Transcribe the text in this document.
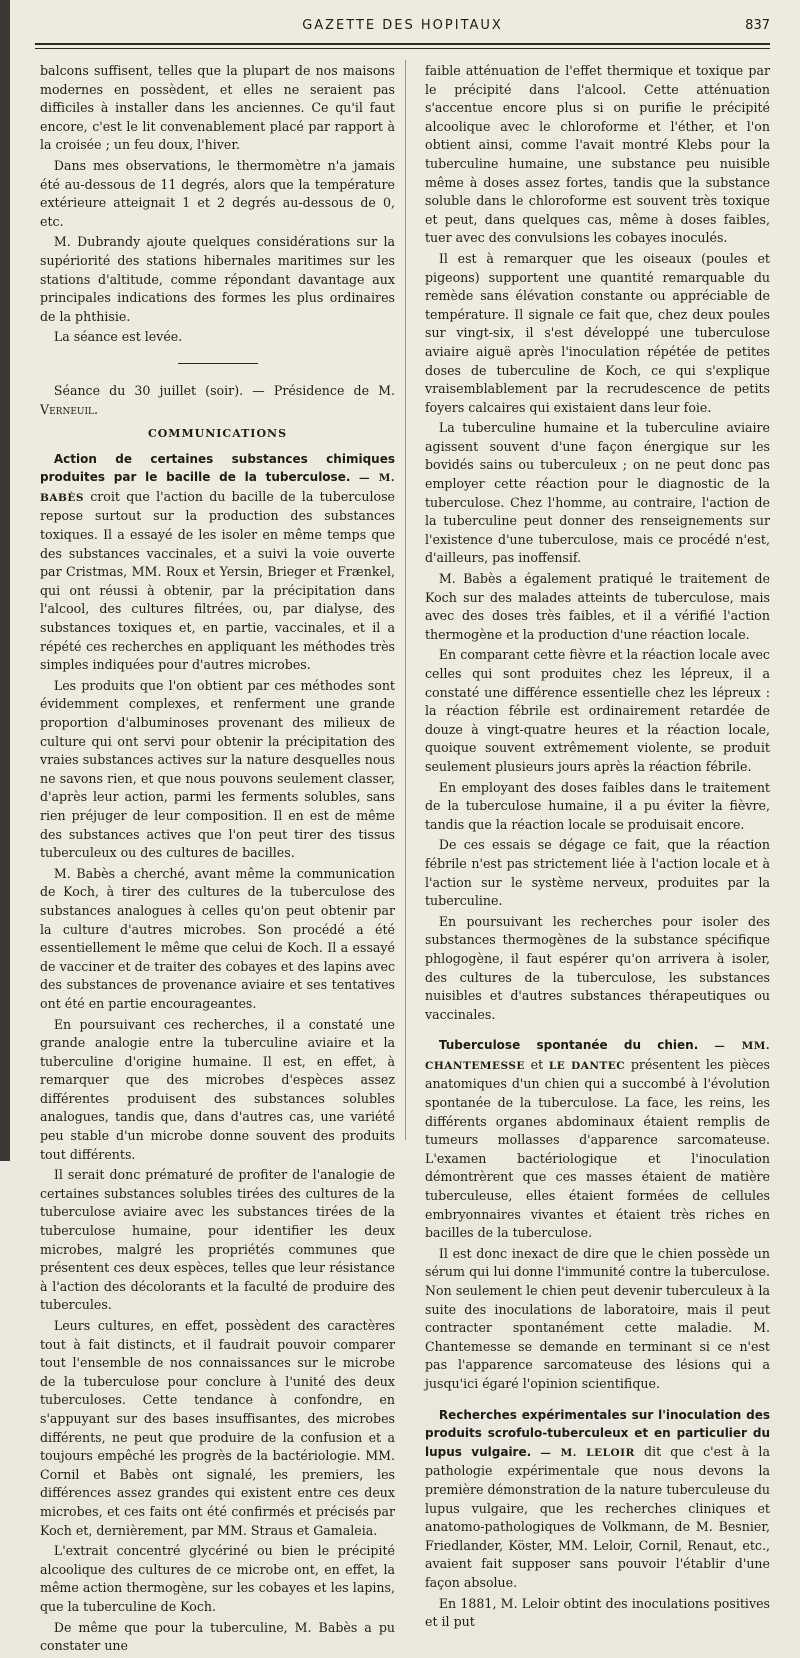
GAZETTE DES HOPITAUX	837

balcons suffisent, telles que la plupart de nos maisons modernes en possèdent, et elles ne seraient pas difficiles à installer dans les anciennes. Ce qu'il faut encore, c'est le lit convenablement placé par rapport à la croisée ; un feu doux, l'hiver.

Dans mes observations, le thermomètre n'a jamais été au-dessous de 11 degrés, alors que la température extérieure atteignait 1 et 2 degrés au-dessous de 0, etc.

M. Dubrandy ajoute quelques considérations sur la supériorité des stations hibernales maritimes sur les stations d'altitude, comme répondant davantage aux principales indications des formes les plus ordinaires de la phthisie.

La séance est levée.

Séance du 30 juillet (soir). — Présidence de M. Verneuil.

COMMUNICATIONS

Action de certaines substances chimiques produites par le bacille de la tuberculose. — M. BABÈS croit que l'action du bacille de la tuberculose repose surtout sur la production des substances toxiques. Il a essayé de les isoler en même temps que des substances vaccinales, et a suivi la voie ouverte par Cristmas, MM. Roux et Yersin, Brieger et Frænkel, qui ont réussi à obtenir, par la précipitation dans l'alcool, des cultures filtrées, ou, par dialyse, des substances toxiques et, en partie, vaccinales, et il a répété ces recherches en appliquant les méthodes très simples indiquées pour d'autres microbes.

Les produits que l'on obtient par ces méthodes sont évidemment complexes, et renferment une grande proportion d'albuminoses provenant des milieux de culture qui ont servi pour obtenir la précipitation des vraies substances actives sur la nature desquelles nous ne savons rien, et que nous pouvons seulement classer, d'après leur action, parmi les ferments solubles, sans rien préjuger de leur composition. Il en est de même des substances actives que l'on peut tirer des tissus tuberculeux ou des cultures de bacilles.

M. Babès a cherché, avant même la communication de Koch, à tirer des cultures de la tuberculose des substances analogues à celles qu'on peut obtenir par la culture d'autres microbes. Son procédé a été essentiellement le même que celui de Koch. Il a essayé de vacciner et de traiter des cobayes et des lapins avec des substances de provenance aviaire et ses tentatives ont été en partie encourageantes.

En poursuivant ces recherches, il a constaté une grande analogie entre la tuberculine aviaire et la tuberculine d'origine humaine. Il est, en effet, à remarquer que des microbes d'espèces assez différentes produisent des substances solubles analogues, tandis que, dans d'autres cas, une variété peu stable d'un microbe donne souvent des produits tout différents.

Il serait donc prématuré de profiter de l'analogie de certaines substances solubles tirées des cultures de la tuberculose aviaire avec les substances tirées de la tuberculose humaine, pour identifier les deux microbes, malgré les propriétés communes que présentent ces deux espèces, telles que leur résistance à l'action des décolorants et la faculté de produire des tubercules.

Leurs cultures, en effet, possèdent des caractères tout à fait distincts, et il faudrait pouvoir comparer tout l'ensemble de nos connaissances sur le microbe de la tuberculose pour conclure à l'unité des deux tuberculoses. Cette tendance à confondre, en s'appuyant sur des bases insuffisantes, des microbes différents, ne peut que produire de la confusion et a toujours empêché les progrès de la bactériologie. MM. Cornil et Babès ont signalé, les premiers, les différences assez grandes qui existent entre ces deux microbes, et ces faits ont été confirmés et précisés par Koch et, dernièrement, par MM. Straus et Gamaleia.

L'extrait concentré glycériné ou bien le précipité alcoolique des cultures de ce microbe ont, en effet, la même action thermogène, sur les cobayes et les lapins, que la tuberculine de Koch.

De même que pour la tuberculine, M. Babès a pu constater une

faible atténuation de l'effet thermique et toxique par le précipité dans l'alcool. Cette atténuation s'accentue encore plus si on purifie le précipité alcoolique avec le chloroforme et l'éther, et l'on obtient ainsi, comme l'avait montré Klebs pour la tuberculine humaine, une substance peu nuisible même à doses assez fortes, tandis que la substance soluble dans le chloroforme est souvent très toxique et peut, dans quelques cas, même à doses faibles, tuer avec des convulsions les cobayes inoculés.

Il est à remarquer que les oiseaux (poules et pigeons) supportent une quantité remarquable du remède sans élévation constante ou appréciable de température. Il signale ce fait que, chez deux poules sur vingt-six, il s'est développé une tuberculose aviaire aiguë après l'inoculation répétée de petites doses de tuberculine de Koch, ce qui s'explique vraisemblablement par la recrudescence de petits foyers calcaires qui existaient dans leur foie.

La tuberculine humaine et la tuberculine aviaire agissent souvent d'une façon énergique sur les bovidés sains ou tuberculeux ; on ne peut donc pas employer cette réaction pour le diagnostic de la tuberculose. Chez l'homme, au contraire, l'action de la tuberculine peut donner des renseignements sur l'existence d'une tuberculose, mais ce procédé n'est, d'ailleurs, pas inoffensif.

M. Babès a également pratiqué le traitement de Koch sur des malades atteints de tuberculose, mais avec des doses très faibles, et il a vérifié l'action thermogène et la production d'une réaction locale.

En comparant cette fièvre et la réaction locale avec celles qui sont produites chez les lépreux, il a constaté une différence essentielle chez les lépreux : la réaction fébrile est ordinairement retardée de douze à vingt-quatre heures et la réaction locale, quoique souvent extrêmement violente, se produit seulement plusieurs jours après la réaction fébrile.

En employant des doses faibles dans le traitement de la tuberculose humaine, il a pu éviter la fièvre, tandis que la réaction locale se produisait encore.

De ces essais se dégage ce fait, que la réaction fébrile n'est pas strictement liée à l'action locale et à l'action sur le système nerveux, produites par la tuberculine.

En poursuivant les recherches pour isoler des substances thermogènes de la substance spécifique phlogogène, il faut espérer qu'on arrivera à isoler, des cultures de la tuberculose, les substances nuisibles et d'autres substances thérapeutiques ou vaccinales.

Tuberculose spontanée du chien. — MM. CHANTEMESSE et LE DANTEC présentent les pièces anatomiques d'un chien qui a succombé à l'évolution spontanée de la tuberculose. La face, les reins, les différents organes abdominaux étaient remplis de tumeurs mollasses d'apparence sarcomateuse. L'examen bactériologique et l'inoculation démontrèrent que ces masses étaient de matière tuberculeuse, elles étaient formées de cellules embryonnaires vivantes et étaient très riches en bacilles de la tuberculose.

Il est donc inexact de dire que le chien possède un sérum qui lui donne l'immunité contre la tuberculose. Non seulement le chien peut devenir tuberculeux à la suite des inoculations de laboratoire, mais il peut contracter spontanément cette maladie. M. Chantemesse se demande en terminant si ce n'est pas l'apparence sarcomateuse des lésions qui a jusqu'ici égaré l'opinion scientifique.

Recherches expérimentales sur l'inoculation des produits scrofulo-tuberculeux et en particulier du lupus vulgaire. — M. LELOIR dit que c'est à la pathologie expérimentale que nous devons la première démonstration de la nature tuberculeuse du lupus vulgaire, que les recherches cliniques et anatomo-pathologiques de Volkmann, de M. Besnier, Friedlander, Köster, MM. Leloir, Cornil, Renaut, etc., avaient fait supposer sans pouvoir l'établir d'une façon absolue.

En 1881, M. Leloir obtint des inoculations positives et il put
